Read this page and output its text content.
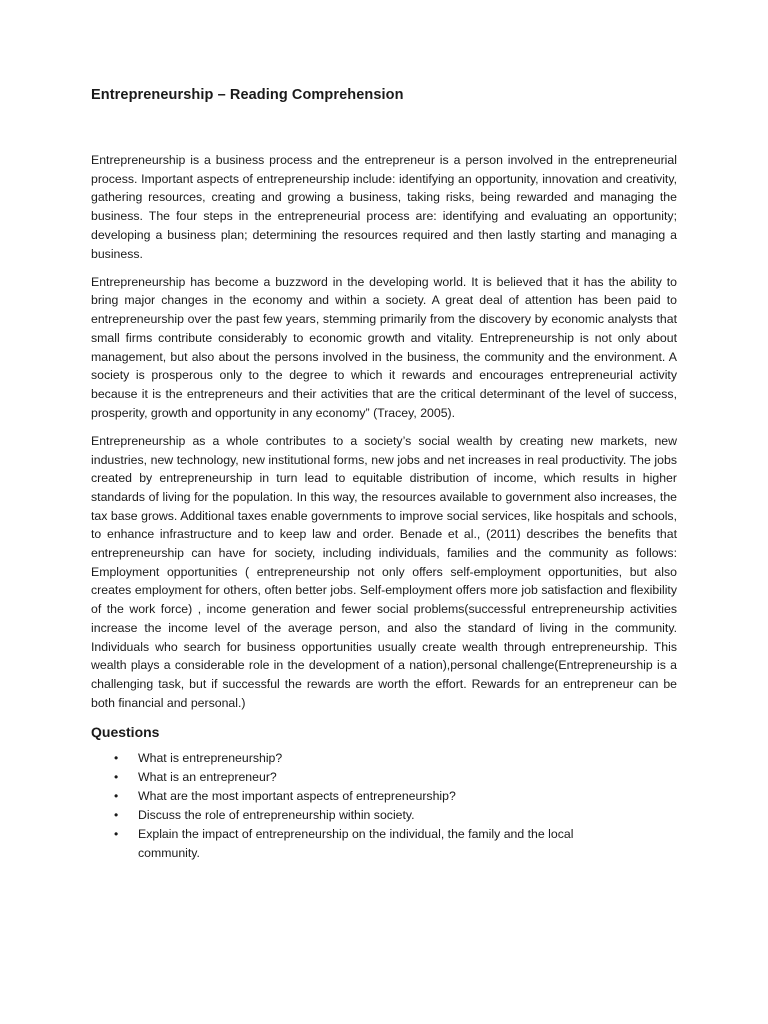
Entrepreneurship – Reading Comprehension

Entrepreneurship is a business process and the entrepreneur is a person involved in the entrepreneurial process. Important aspects of entrepreneurship include: identifying an opportunity, innovation and creativity, gathering resources, creating and growing a business, taking risks, being rewarded and managing the business. The four steps in the entrepreneurial process are: identifying and evaluating an opportunity; developing a business plan; determining the resources required and then lastly starting and managing a business.

Entrepreneurship has become a buzzword in the developing world. It is believed that it has the ability to bring major changes in the economy and within a society. A great deal of attention has been paid to entrepreneurship over the past few years, stemming primarily from the discovery by economic analysts that small firms contribute considerably to economic growth and vitality. Entrepreneurship is not only about management, but also about the persons involved in the business, the community and the environment. A society is prosperous only to the degree to which it rewards and encourages entrepreneurial activity because it is the entrepreneurs and their activities that are the critical determinant of the level of success, prosperity, growth and opportunity in any economy” (Tracey, 2005).

Entrepreneurship as a whole contributes to a society’s social wealth by creating new markets, new industries, new technology, new institutional forms, new jobs and net increases in real productivity. The jobs created by entrepreneurship in turn lead to equitable distribution of income, which results in higher standards of living for the population. In this way, the resources available to government also increases, the tax base grows. Additional taxes enable governments to improve social services, like hospitals and schools, to enhance infrastructure and to keep law and order. Benade et al., (2011) describes the benefits that entrepreneurship can have for society, including individuals, families and the community as follows: Employment opportunities ( entrepreneurship not only offers self-employment opportunities, but also creates employment for others, often better jobs. Self-employment offers more job satisfaction and flexibility of the work force) , income generation and fewer social problems(successful entrepreneurship activities increase the income level of the average person, and also the standard of living in the community. Individuals who search for business opportunities usually create wealth through entrepreneurship. This wealth plays a considerable role in the development of a nation),personal challenge(Entrepreneurship is a challenging task, but if successful the rewards are worth the effort. Rewards for an entrepreneur can be both financial and personal.)

Questions
• What is entrepreneurship?
• What is an entrepreneur?
• What are the most important aspects of entrepreneurship?
• Discuss the role of entrepreneurship within society.
• Explain the impact of entrepreneurship on the individual, the family and the local community.
